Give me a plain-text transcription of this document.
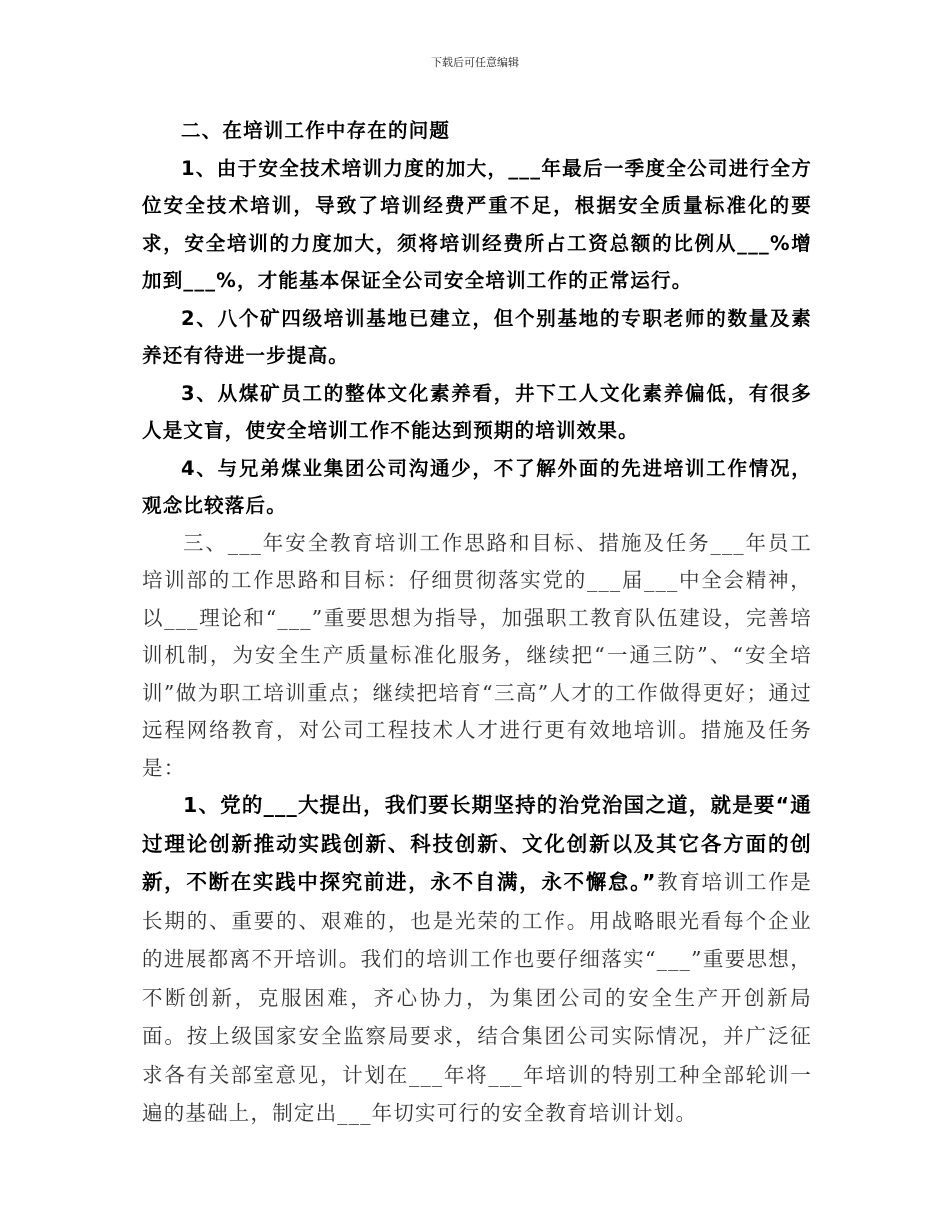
下载后可任意编辑

二、在培训工作中存在的问题

1、由于安全技术培训力度的加大，___年最后一季度全公司进行全方位安全技术培训，导致了培训经费严重不足，根据安全质量标准化的要求，安全培训的力度加大，须将培训经费所占工资总额的比例从___%增加到___%，才能基本保证全公司安全培训工作的正常运行。

2、八个矿四级培训基地已建立，但个别基地的专职老师的数量及素养还有待进一步提高。

3、从煤矿员工的整体文化素养看，井下工人文化素养偏低，有很多人是文盲，使安全培训工作不能达到预期的培训效果。

4、与兄弟煤业集团公司沟通少，不了解外面的先进培训工作情况，观念比较落后。

三、___年安全教育培训工作思路和目标、措施及任务___年员工培训部的工作思路和目标：仔细贯彻落实党的___届___中全会精神，以___理论和“___”重要思想为指导，加强职工教育队伍建设，完善培训机制，为安全生产质量标准化服务，继续把“一通三防”、“安全培训”做为职工培训重点；继续把培育“三高”人才的工作做得更好；通过远程网络教育，对公司工程技术人才进行更有效地培训。措施及任务是：

1、党的___大提出，我们要长期坚持的治党治国之道，就是要“通过理论创新推动实践创新、科技创新、文化创新以及其它各方面的创新，不断在实践中探究前进，永不自满，永不懈怠。”教育培训工作是长期的、重要的、艰难的，也是光荣的工作。用战略眼光看每个企业的进展都离不开培训。我们的培训工作也要仔细落实“___”重要思想，不断创新，克服困难，齐心协力，为集团公司的安全生产开创新局面。按上级国家安全监察局要求，结合集团公司实际情况，并广泛征求各有关部室意见，计划在___年将___年培训的特别工种全部轮训一遍的基础上，制定出___年切实可行的安全教育培训计划。
